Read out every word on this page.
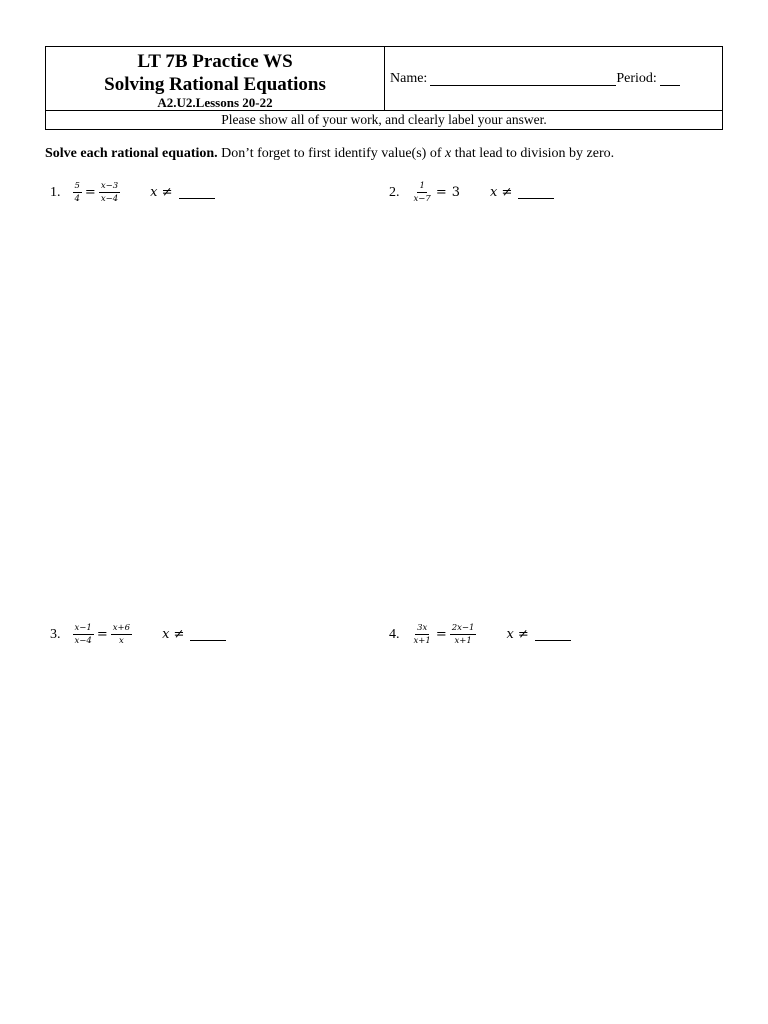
LT 7B Practice WS
Solving Rational Equations
A2.U2.Lessons 20-22
Name:	Period:
Please show all of your work, and clearly label your answer.
Solve each rational equation. Don’t forget to first identify value(s) of x that lead to division by zero.
1. $\frac{5}{4} = \frac{x-3}{x-4}$ x ≠	2. $\frac{1}{x-7} = 3$ x ≠
3. $\frac{x-1}{x-4} = \frac{x+6}{x}$ x ≠	4. $\frac{3x}{x+1} = \frac{2x-1}{x+1}$ x ≠
